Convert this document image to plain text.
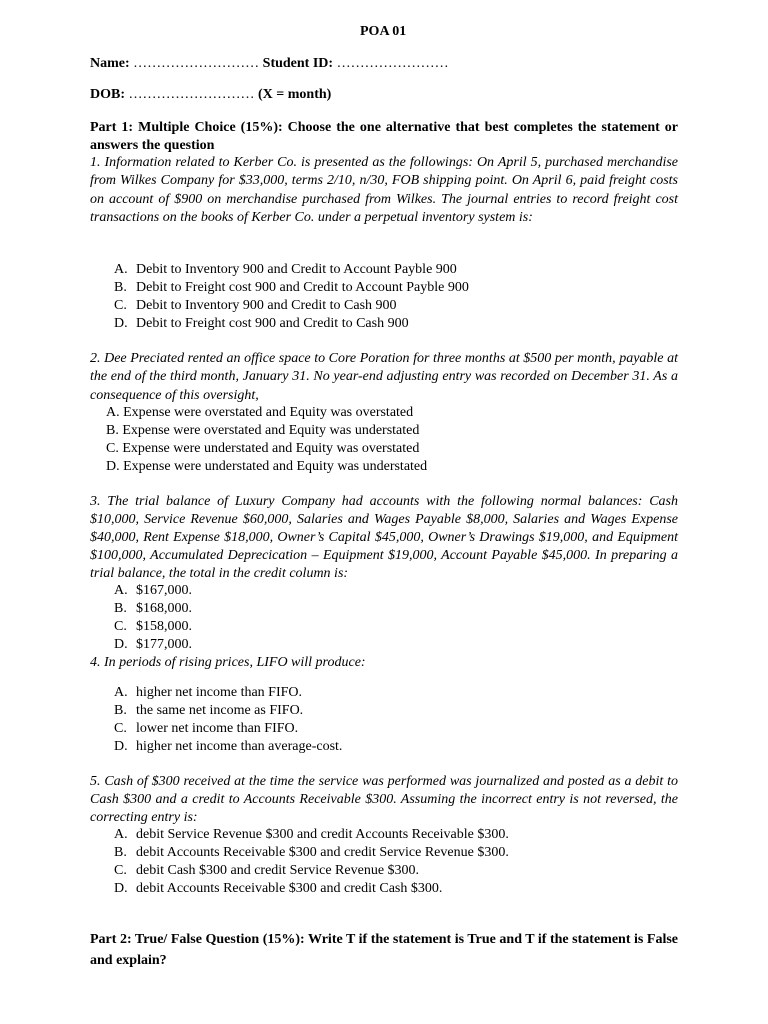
POA 01
Name: ……………………… Student ID: ……………………
DOB: ……………………… (X = month)
Part 1: Multiple Choice (15%): Choose the one alternative that best completes the statement or answers the question
1. Information related to Kerber Co. is presented as the followings: On April 5, purchased merchandise from Wilkes Company for $33,000, terms 2/10, n/30, FOB shipping point. On April 6, paid freight costs on account of $900 on merchandise purchased from Wilkes. The journal entries to record freight cost transactions on the books of Kerber Co. under a perpetual inventory system is:
A. Debit to Inventory 900 and Credit to Account Payble 900
B. Debit to Freight cost 900 and Credit to Account Payble 900
C. Debit to Inventory 900 and Credit to Cash 900
D. Debit to Freight cost 900 and Credit to Cash 900
2. Dee Preciated rented an office space to Core Poration for three months at $500 per month, payable at the end of the third month, January 31. No year-end adjusting entry was recorded on December 31. As a consequence of this oversight,
A. Expense were overstated and Equity was overstated
B. Expense were overstated and Equity was understated
C. Expense were understated and Equity was overstated
D. Expense were understated and Equity was understated
3. The trial balance of Luxury Company had accounts with the following normal balances: Cash $10,000, Service Revenue $60,000, Salaries and Wages Payable $8,000, Salaries and Wages Expense $40,000, Rent Expense $18,000, Owner’s Capital $45,000, Owner’s Drawings $19,000, and Equipment $100,000, Accumulated Deprecication – Equipment $19,000, Account Payable $45,000. In preparing a trial balance, the total in the credit column is:
A. $167,000.
B. $168,000.
C. $158,000.
D. $177,000.
4. In periods of rising prices, LIFO will produce:
A. higher net income than FIFO.
B. the same net income as FIFO.
C. lower net income than FIFO.
D. higher net income than average-cost.
5. Cash of $300 received at the time the service was performed was journalized and posted as a debit to Cash $300 and a credit to Accounts Receivable $300. Assuming the incorrect entry is not reversed, the correcting entry is:
A. debit Service Revenue $300 and credit Accounts Receivable $300.
B. debit Accounts Receivable $300 and credit Service Revenue $300.
C. debit Cash $300 and credit Service Revenue $300.
D. debit Accounts Receivable $300 and credit Cash $300.
Part 2: True/ False Question (15%): Write T if the statement is True and T if the statement is False and explain?
